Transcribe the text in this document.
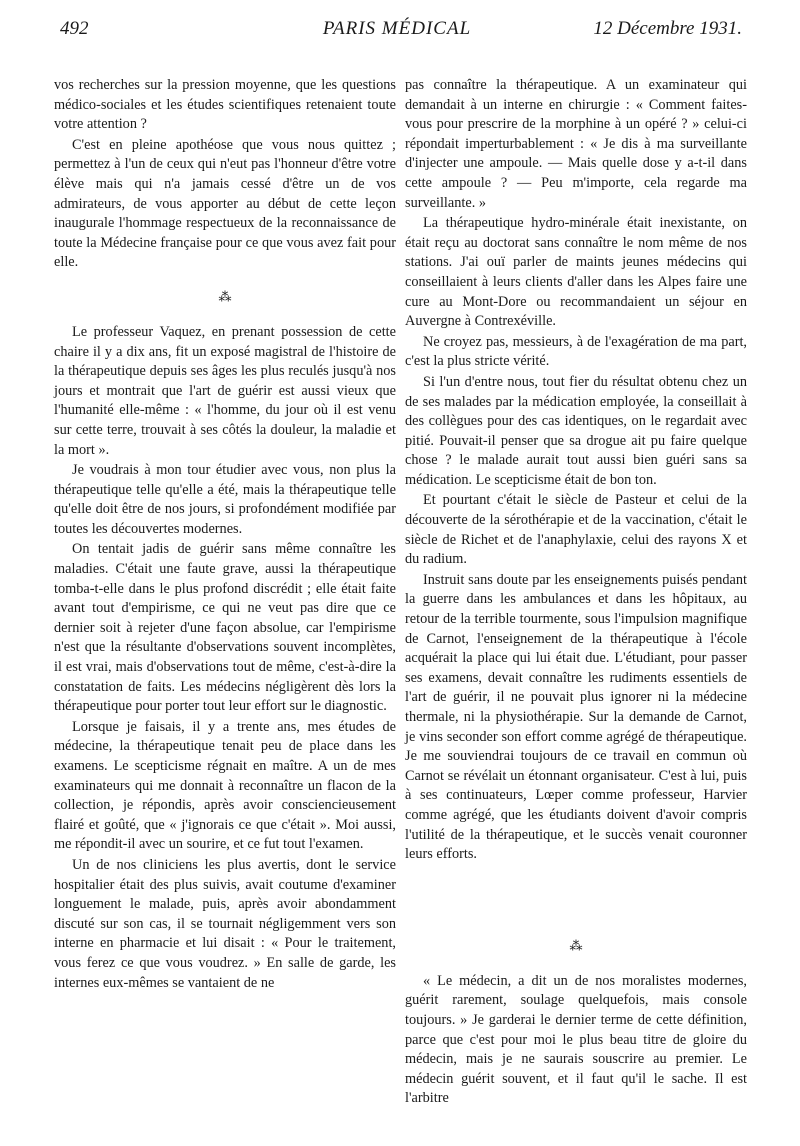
492	PARIS MÉDICAL	12 Décembre 1931.

vos recherches sur la pression moyenne, que les questions médico-sociales et les études scientifiques retenaient toute votre attention ?

C'est en pleine apothéose que vous nous quittez ; permettez à l'un de ceux qui n'eut pas l'honneur d'être votre élève mais qui n'a jamais cessé d'être un de vos admirateurs, de vous apporter au début de cette leçon inaugurale l'hommage respectueux de la reconnaissance de toute la Médecine française pour ce que vous avez fait pour elle.

⁂

Le professeur Vaquez, en prenant possession de cette chaire il y a dix ans, fit un exposé magistral de l'histoire de la thérapeutique depuis ses âges les plus reculés jusqu'à nos jours et montrait que l'art de guérir est aussi vieux que l'humanité elle-même : « l'homme, du jour où il est venu sur cette terre, trouvait à ses côtés la douleur, la maladie et la mort ».

Je voudrais à mon tour étudier avec vous, non plus la thérapeutique telle qu'elle a été, mais la thérapeutique telle qu'elle doit être de nos jours, si profondément modifiée par toutes les découvertes modernes.

On tentait jadis de guérir sans même connaître les maladies. C'était une faute grave, aussi la thérapeutique tomba-t-elle dans le plus profond discrédit ; elle était faite avant tout d'empirisme, ce qui ne veut pas dire que ce dernier soit à rejeter d'une façon absolue, car l'empirisme n'est que la résultante d'observations souvent incomplètes, il est vrai, mais d'observations tout de même, c'est-à-dire la constatation de faits. Les médecins négligèrent dès lors la thérapeutique pour porter tout leur effort sur le diagnostic.

Lorsque je faisais, il y a trente ans, mes études de médecine, la thérapeutique tenait peu de place dans les examens. Le scepticisme régnait en maître. A un de mes examinateurs qui me donnait à reconnaître un flacon de la collection, je répondis, après avoir consciencieusement flairé et goûté, que « j'ignorais ce que c'était ». Moi aussi, me répondit-il avec un sourire, et ce fut tout l'examen.

Un de nos cliniciens les plus avertis, dont le service hospitalier était des plus suivis, avait coutume d'examiner longuement le malade, puis, après avoir abondamment discuté sur son cas, il se tournait négligemment vers son interne en pharmacie et lui disait : « Pour le traitement, vous ferez ce que vous voudrez. » En salle de garde, les internes eux-mêmes se vantaient de ne

pas connaître la thérapeutique. A un examinateur qui demandait à un interne en chirurgie : « Comment faites-vous pour prescrire de la morphine à un opéré ? » celui-ci répondait imperturbablement : « Je dis à ma surveillante d'injecter une ampoule. — Mais quelle dose y a-t-il dans cette ampoule ? — Peu m'importe, cela regarde ma surveillante. »

La thérapeutique hydro-minérale était inexistante, on était reçu au doctorat sans connaître le nom même de nos stations. J'ai ouï parler de maints jeunes médecins qui conseillaient à leurs clients d'aller dans les Alpes faire une cure au Mont-Dore ou recommandaient un séjour en Auvergne à Contrexéville.

Ne croyez pas, messieurs, à de l'exagération de ma part, c'est la plus stricte vérité.

Si l'un d'entre nous, tout fier du résultat obtenu chez un de ses malades par la médication employée, la conseillait à des collègues pour des cas identiques, on le regardait avec pitié. Pouvait-il penser que sa drogue ait pu faire quelque chose ? le malade aurait tout aussi bien guéri sans sa médication. Le scepticisme était de bon ton.

Et pourtant c'était le siècle de Pasteur et celui de la découverte de la sérothérapie et de la vaccination, c'était le siècle de Richet et de l'anaphylaxie, celui des rayons X et du radium.

Instruit sans doute par les enseignements puisés pendant la guerre dans les ambulances et dans les hôpitaux, au retour de la terrible tourmente, sous l'impulsion magnifique de Carnot, l'enseignement de la thérapeutique à l'école acquérait la place qui lui était due. L'étudiant, pour passer ses examens, devait connaître les rudiments essentiels de l'art de guérir, il ne pouvait plus ignorer ni la médecine thermale, ni la physiothérapie. Sur la demande de Carnot, je vins seconder son effort comme agrégé de thérapeutique. Je me souviendrai toujours de ce travail en commun où Carnot se révélait un étonnant organisateur. C'est à lui, puis à ses continuateurs, Lœper comme professeur, Harvier comme agrégé, que les étudiants doivent d'avoir compris l'utilité de la thérapeutique, et le succès venait couronner leurs efforts.

⁂

« Le médecin, a dit un de nos moralistes modernes, guérit rarement, soulage quelquefois, mais console toujours. » Je garderai le dernier terme de cette définition, parce que c'est pour moi le plus beau titre de gloire du médecin, mais je ne saurais souscrire au premier. Le médecin guérit souvent, et il faut qu'il le sache. Il est l'arbitre
